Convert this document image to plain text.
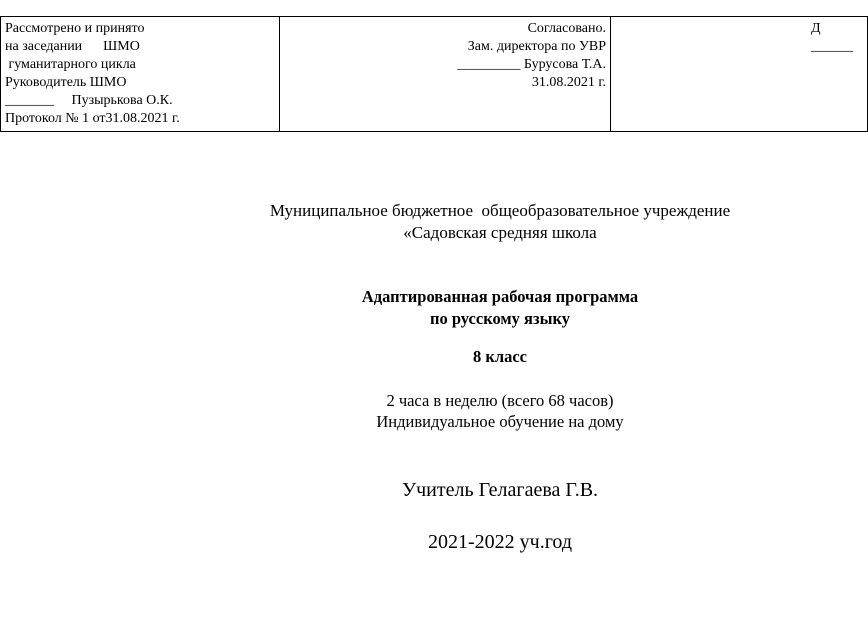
Рассмотрено и принято
на заседании      ШМО
гуманитарного цикла
Руководитель ШМО
_______     Пузырькова О.К.
Протокол № 1 от31.08.2021 г.

Согласовано.
Зам. директора по УВР
_________ Бурусова Т.А.
31.08.2021 г.

Д
______
Муниципальное бюджетное  общеобразовательное учреждение
«Садовская средняя школа
Адаптированная рабочая программа
по русскому языку
8 класс
2 часа в неделю (всего 68 часов)
Индивидуальное обучение на дому
Учитель Гелагаева Г.В.
2021-2022 уч.год
